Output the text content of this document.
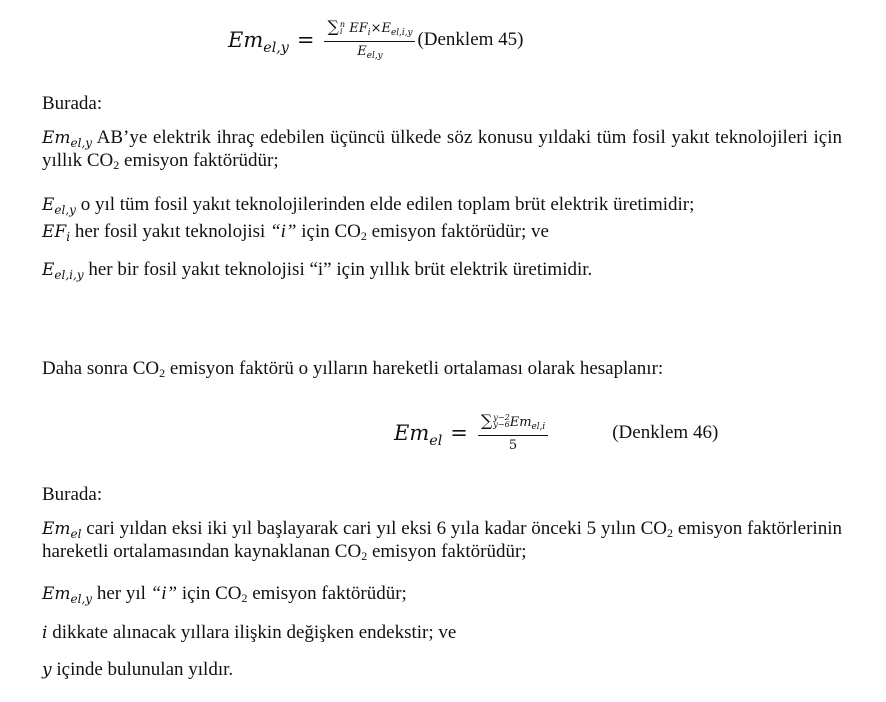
$Em_{el,y}$ = ∑ n
i $EF_i\times E_{el,i,y}$
$E_{el,y}$ (Denklem 45)
Burada:
$Em_{el,y}$ AB’ye elektrik ihraç edebilen üçüncü ülkede söz konusu yıldaki tüm fosil yakıt teknolojileri için yıllık $CO_2$ emisyon faktörüdür;
$E_{el,y}$ o yıl tüm fosil yakıt teknolojilerinden elde edilen toplam brüt elektrik üretimidir;
$EF_i$ her fosil yakıt teknolojisi “i” için $CO_2$ emisyon faktörüdür; ve
$E_{el,i,y}$ her bir fosil yakıt teknolojisi “i” için yıllık brüt elektrik üretimidir.
Daha sonra $CO_2$ emisyon faktörü o yılların hareketli ortalaması olarak hesaplanır:
$Em_{el}$ = ∑ y−2
y−6 $Em_{el,i}$
5	(Denklem 46)
Burada:
$Em_{el}$ cari yıldan eksi iki yıl başlayarak cari yıl eksi 6 yıla kadar önceki 5 yılın $CO_2$ emisyon faktörlerinin hareketli ortalamasından kaynaklanan $CO_2$ emisyon faktörüdür;
$Em_{el,y}$ her yıl “i” için $CO_2$ emisyon faktörüdür;
i dikkate alınacak yıllara ilişkin değişken endekstir; ve
y içinde bulunulan yıldır.
